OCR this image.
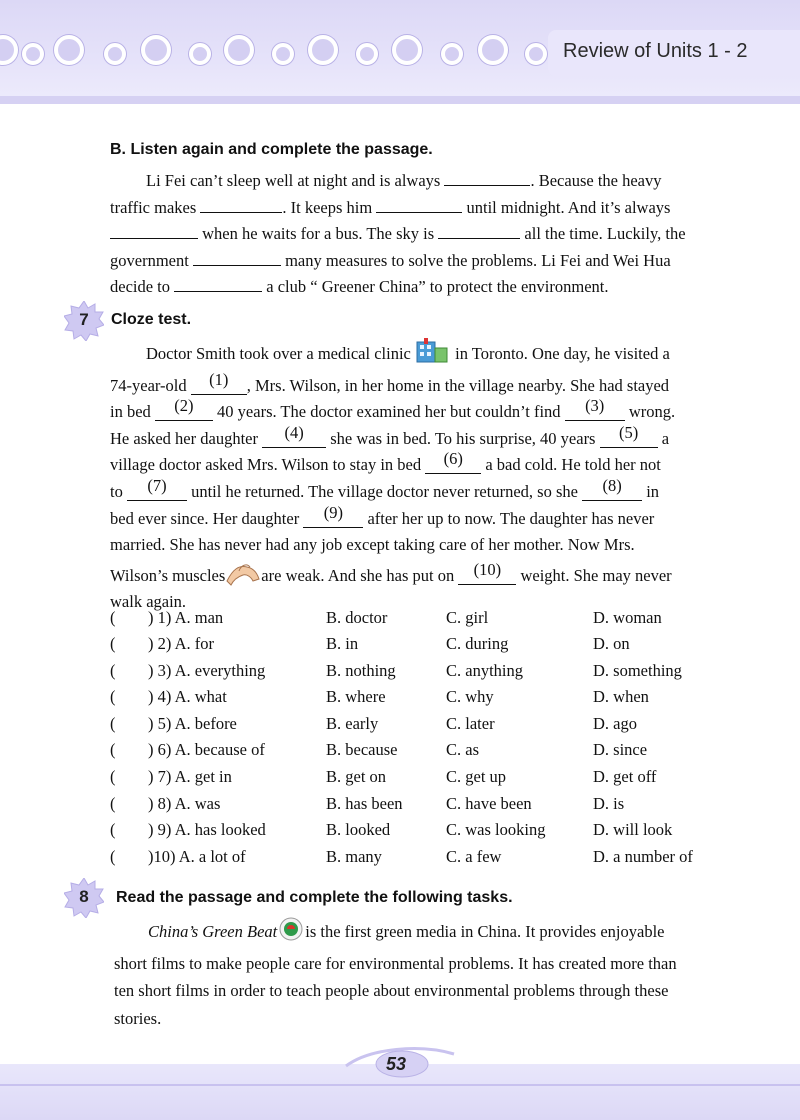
Review of Units 1 - 2
B. Listen again and complete the passage.
Li Fei can’t sleep well at night and is always	. Because the heavy
traffic makes	. It keeps him	until midnight. And it’s always
when he waits for a bus. The sky is	all the time. Luckily, the
government	many measures to solve the problems. Li Fei and Wei Hua
decide to	a club “ Greener China” to protect the environment.
7	Cloze test.
Doctor Smith took over a medical clinic	in Toronto. One day, he visited a
74-year-old (1) , Mrs. Wilson, in her home in the village nearby. She had stayed
in bed (2) 40 years. The doctor examined her but couldn’t find (3) wrong.
He asked her daughter (4) she was in bed. To his surprise, 40 years (5) a
village doctor asked Mrs. Wilson to stay in bed (6) a bad cold. He told her not
to (7) until he returned. The village doctor never returned, so she (8) in
bed ever since. Her daughter (9) after her up to now. The daughter has never
married. She has never had any job except taking care of her mother. Now Mrs.
Wilson’s muscles are weak. And she has put on (10) weight. She may never
walk again.
( ) 1) A. man	B. doctor	C. girl	D. woman
( ) 2) A. for	B. in	C. during	D. on
( ) 3) A. everything	B. nothing	C. anything	D. something
( ) 4) A. what	B. where	C. why	D. when
( ) 5) A. before	B. early	C. later	D. ago
( ) 6) A. because of	B. because	C. as	D. since
( ) 7) A. get in	B. get on	C. get up	D. get off
( ) 8) A. was	B. has been	C. have been	D. is
( ) 9) A. has looked	B. looked	C. was looking	D. will look
( )10) A. a lot of	B. many	C. a few	D. a number of
8	Read the passage and complete the following tasks.
China’s Green Beat is the first green media in China. It provides enjoyable
short films to make people care for environmental problems. It has created more than
ten short films in order to teach people about environmental problems through these
stories.
53
